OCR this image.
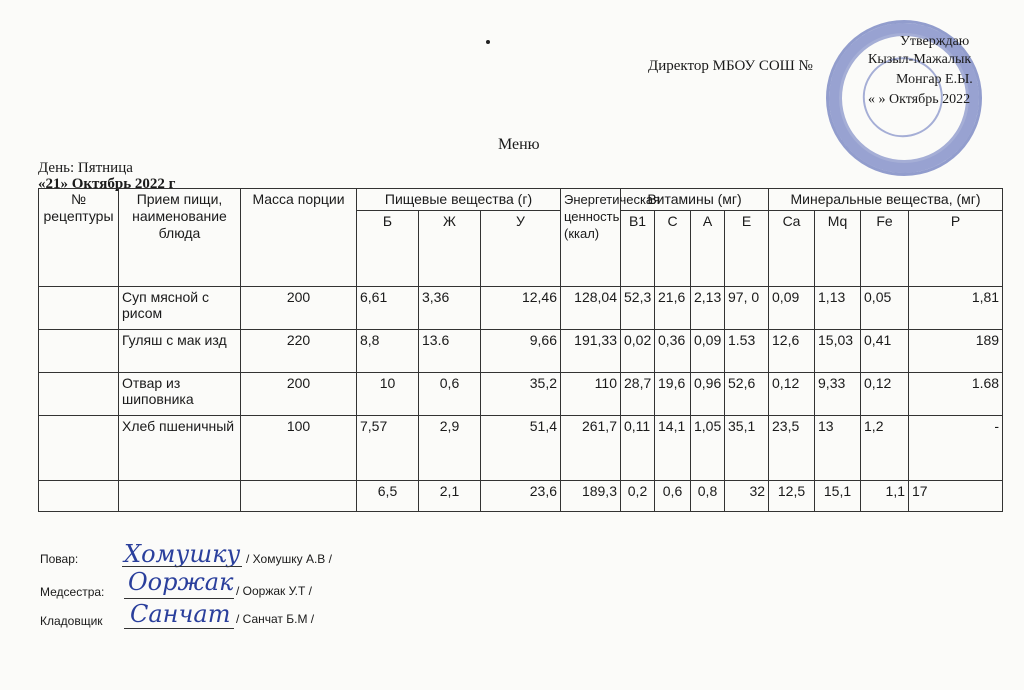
Утверждаю
Директор МБОУ СОШ №	Кызыл-Мажалык
Монгар Е.Ы.
« » Октябрь 2022
Меню
День: Пятница
«21» Октябрь 2022 г
№ рецептуры	Прием пищи, наименование блюда	Масса порции	Пищевые вещества (г)			Энергетическая ценность (ккал)	Витамины (мг)				Минеральные вещества, (мг)			
			Б	Ж	У		B1	C	A	E	Ca	Mq	Fe	P
	Суп мясной с рисом	200	6,61	3,36	12,46	128,04	52,3	21,6	2,13	97, 0	0,09	1,13	0,05	1,81
	Гуляш с мак изд	220	8,8	13.6	9,66	191,33	0,02	0,36	0,09	1.53	12,6	15,03	0,41	189
	Отвар из шиповника	200	10	0,6	35,2	110	28,7	19,6	0,96	52,6	0,12	9,33	0,12	1.68
	Хлеб пшеничный	100	7,57	2,9	51,4	261,7	0,11	14,1	1,05	35,1	23,5	13	1,2	-
			6,5	2,1	23,6	189,3	0,2	0,6	0,8	32	12,5	15,1	1,1	17
Повар:	Хомушку / Хомушку А.В /
Медсестра: Ооржак / Ооржак У.Т /
Кладовщик	Санчат / Санчат Б.М /
